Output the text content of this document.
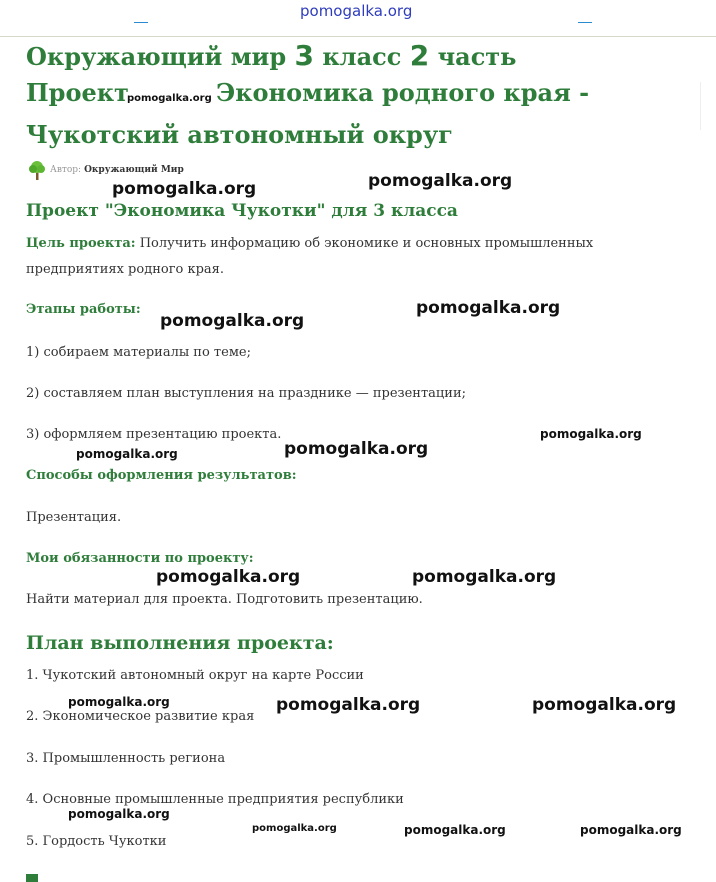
pomogalka.org
Окружающий мир 3 класс 2 часть Проектpomogalka.org Экономика родного края - Чукотский автономный округ
Автор: Окружающий Мир
Проект "Экономика Чукотки" для 3 класса

Цель проекта: Получить информацию об экономике и основных промышленных предприятиях родного края.

Этапы работы:
1) собираем материалы по теме;
2) составляем план выступления на празднике — презентации;
3) оформляем презентацию проекта.
Способы оформления результатов:
Презентация.
Мои обязанности по проекту:
Найти материал для проекта. Подготовить презентацию.
План выполнения проекта:
1. Чукотский автономный округ на карте России
2. Экономическое развитие края
3. Промышленность региона
4. Основные промышленные предприятия республики
5. Гордость Чукотки
pomogalka.org	pomogalka.org
pomogalka.org
pomogalka.org
pomogalka.org
pomogalka.org	pomogalka.org
pomogalka.org	pomogalka.org
pomogalka.org	pomogalka.org	pomogalka.org
pomogalka.org
pomogalka.org	pomogalka.org	pomogalka.org
